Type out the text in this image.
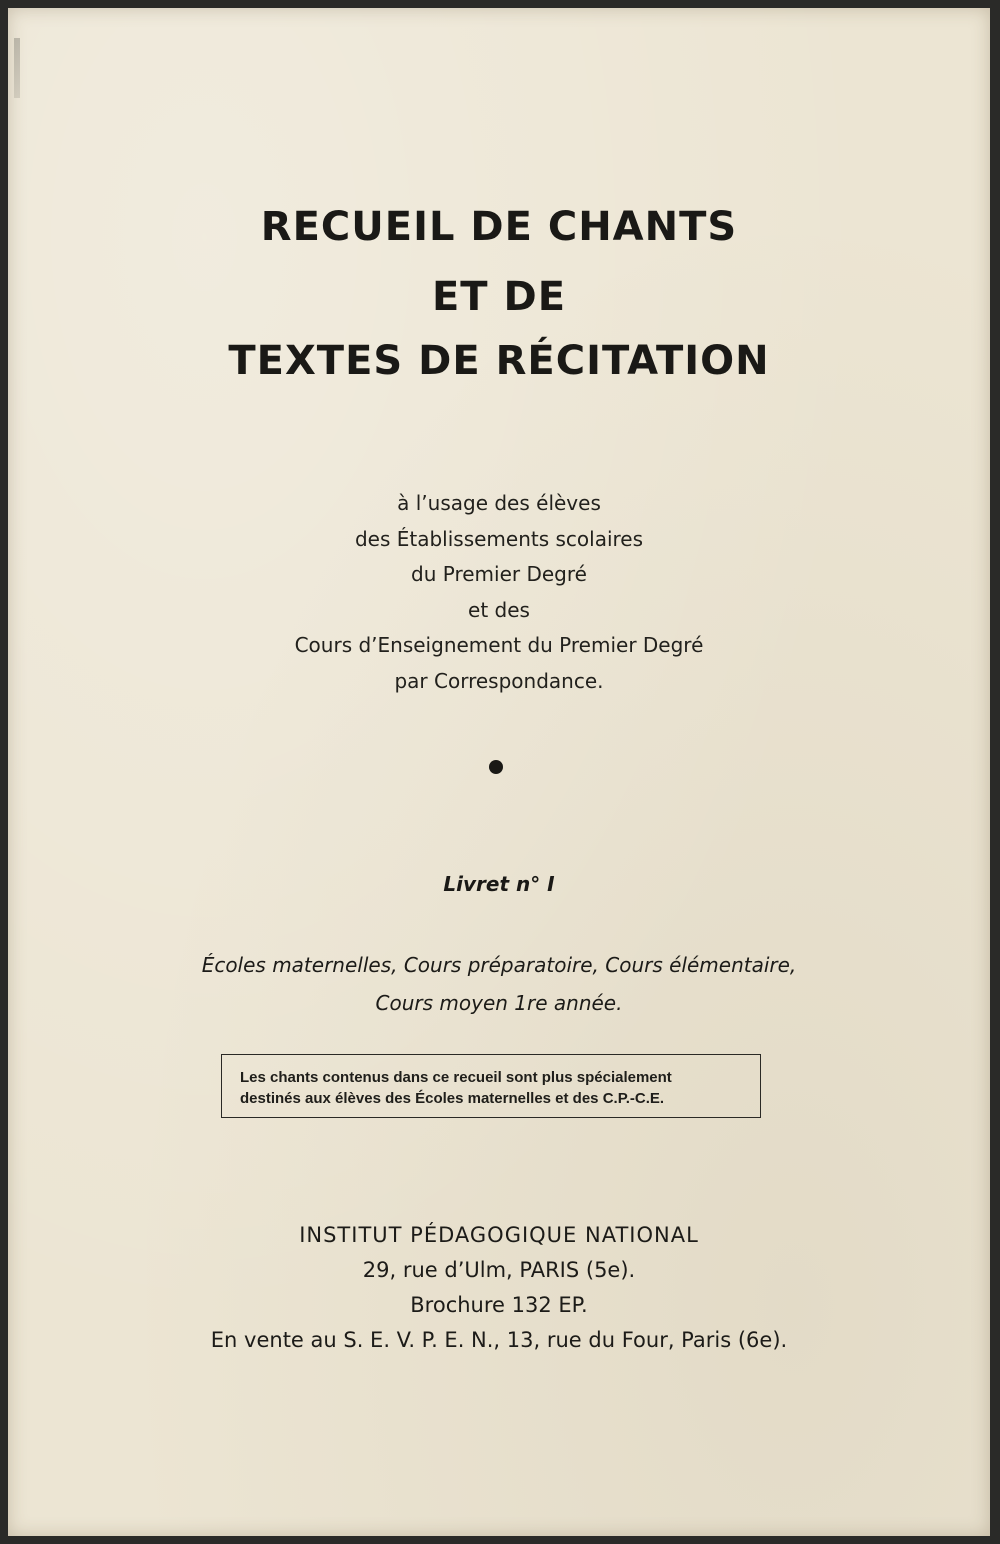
RECUEIL DE CHANTS
ET DE
TEXTES DE RÉCITATION
à l’usage des élèves
des Établissements scolaires
du Premier Degré
et des
Cours d’Enseignement du Premier Degré
par Correspondance.
Livret n° I
Écoles maternelles, Cours préparatoire, Cours élémentaire,
Cours moyen 1re année.
Les chants contenus dans ce recueil sont plus spécialement
destinés aux élèves des Écoles maternelles et des C.P.-C.E.
INSTITUT PÉDAGOGIQUE NATIONAL
29, rue d’Ulm, PARIS (5e).
Brochure 132 EP.
En vente au S. E. V. P. E. N., 13, rue du Four, Paris (6e).
